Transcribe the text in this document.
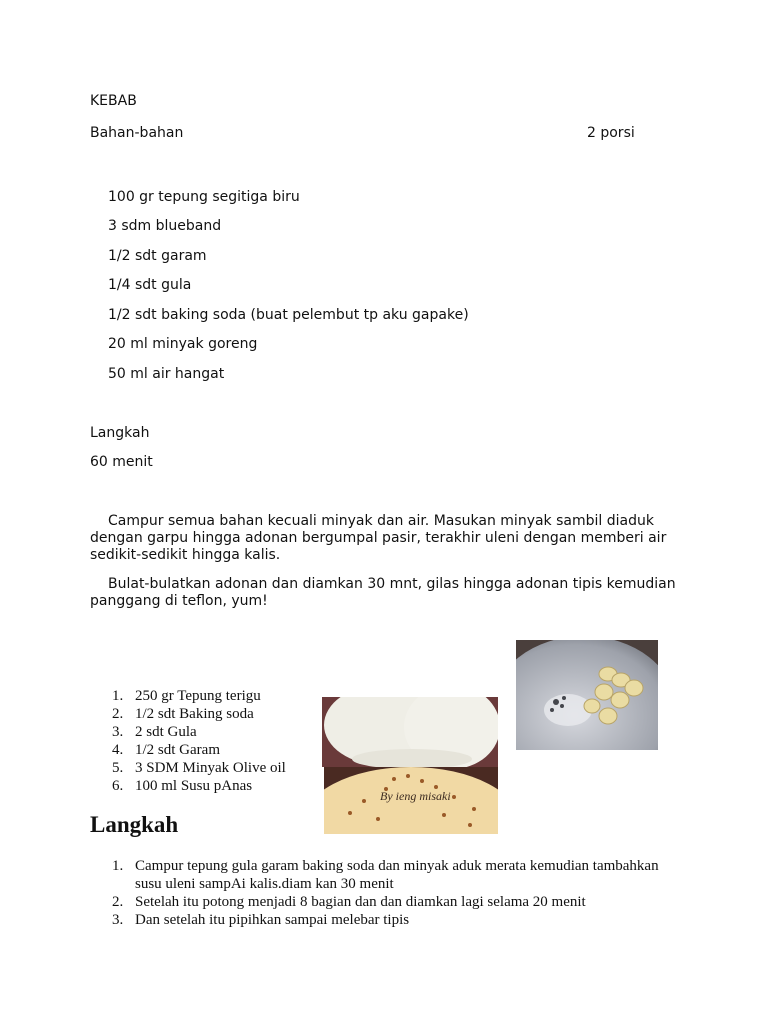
KEBAB

Bahan-bahan	2 porsi

100 gr tepung segitiga biru

3 sdm blueband

1/2 sdt garam

1/4 sdt gula

1/2 sdt baking soda (buat pelembut tp aku gapake)

20 ml minyak goreng

50 ml air hangat

Langkah

60 menit

Campur semua bahan kecuali minyak dan air. Masukan minyak sambil diaduk dengan garpu hingga adonan bergumpal pasir, terakhir uleni dengan memberi air sedikit-sedikit hingga kalis.

Bulat-bulatkan adonan dan diamkan 30 mnt, gilas hingga adonan tipis kemudian panggang di teflon, yum!

By ieng misaki
1. 250 gr Tepung terigu
2. 1/2 sdt Baking soda
3. 2 sdt Gula
4. 1/2 sdt Garam
5. 3 SDM Minyak Olive oil
6. 100 ml Susu pAnas
Langkah
1. Campur tepung gula garam baking soda dan minyak aduk merata kemudian tambahkan susu uleni sampAi kalis.diam kan 30 menit
2. Setelah itu potong menjadi 8 bagian dan dan diamkan lagi selama 20 menit
3. Dan setelah itu pipihkan sampai melebar tipis
